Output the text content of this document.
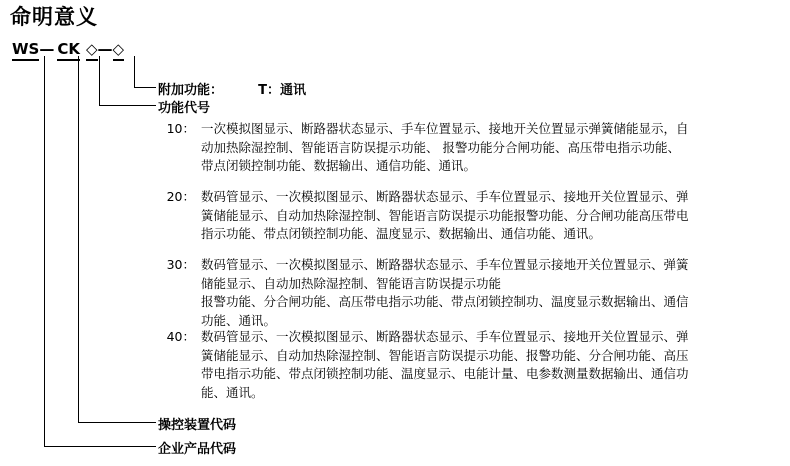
命明意义
WS— CK ◇—◇
附加功能：	T：通讯
功能代号
操控装置代码
企业产品代码
10： 一次模拟图显示、断路器状态显示、手车位置显示、接地开关位置显示弹簧储能显示，自
动加热除湿控制、智能语言防误提示功能、 报警功能分合闸功能、高压带电指示功能、
带点闭锁控制功能、数据输出、通信功能、通讯。
20： 数码管显示、一次模拟图显示、断路器状态显示、手车位置显示、接地开关位置显示、弹
簧储能显示、自动加热除湿控制、智能语言防误提示功能报警功能、分合闸功能高压带电
指示功能、带点闭锁控制功能、温度显示、数据输出、通信功能、通讯。
30： 数码管显示、一次模拟图显示、断路器状态显示、手车位置显示接地开关位置显示、弹簧
储能显示、自动加热除湿控制、智能语言防误提示功能
报警功能、分合闸功能、高压带电指示功能、带点闭锁控制功、温度显示数据输出、通信
功能、通讯。
40： 数码管显示、一次模拟图显示、断路器状态显示、手车位置显示、接地开关位置显示、弹
簧储能显示、自动加热除湿控制、智能语言防误提示功能、报警功能、分合闸功能、高压
带电指示功能、带点闭锁控制功能、温度显示、电能计量、电参数测量数据输出、通信功
能、通讯。
